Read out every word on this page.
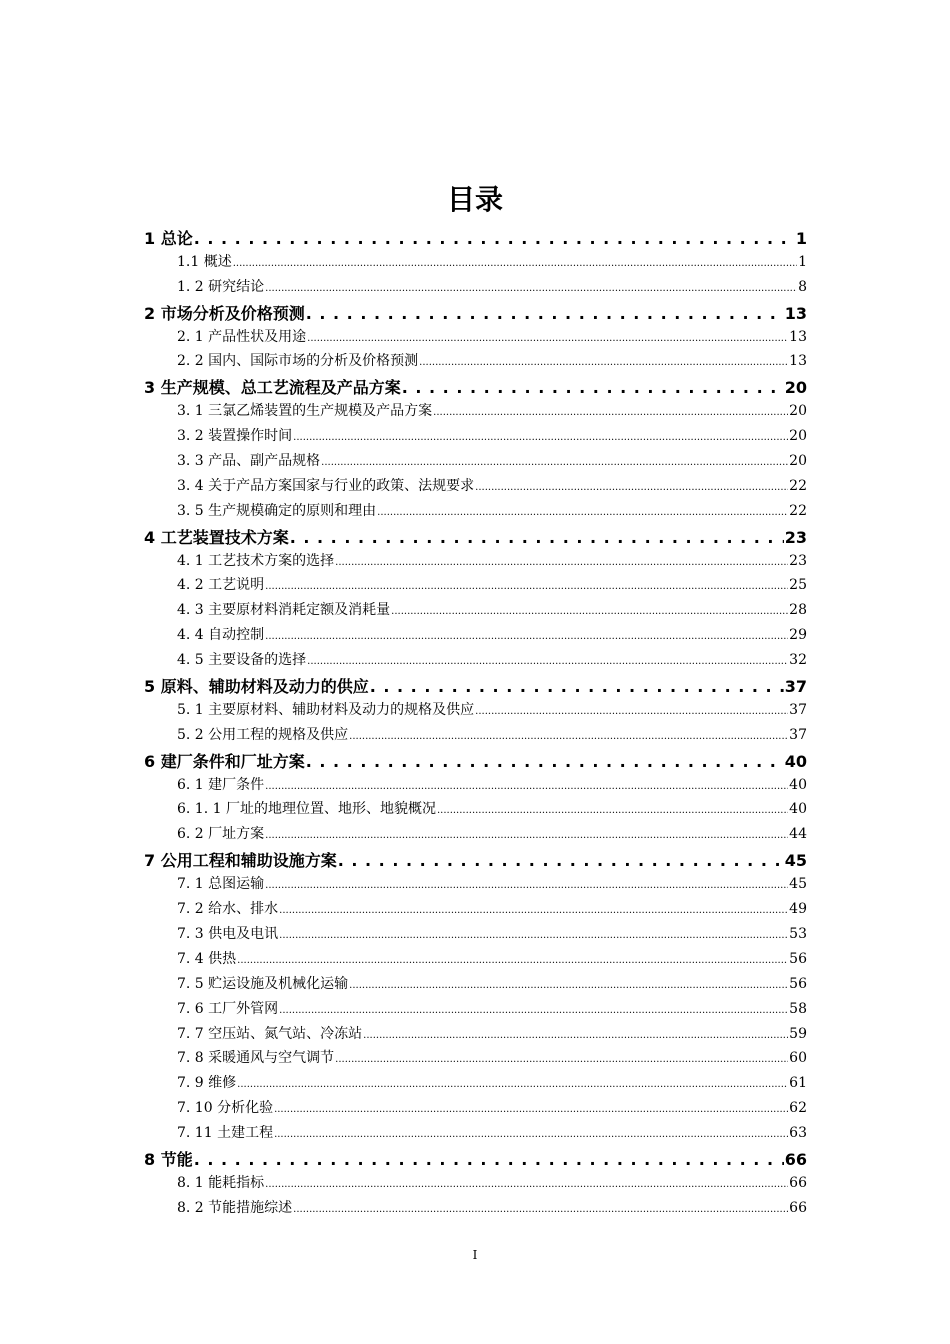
目录
1 总论 . . .	1
1.1 概述 .....	1
1. 2 研究结论 .....	8
2 市场分析及价格预测 . . .	13
2. 1 产品性状及用途 .....	13
2. 2 国内、国际市场的分析及价格预测 .....	13
3 生产规模、总工艺流程及产品方案 . . .	20
3. 1 三氯乙烯装置的生产规模及产品方案 .....	20
3. 2 装置操作时间 .....	20
3. 3 产品、副产品规格 .....	20
3. 4 关于产品方案国家与行业的政策、法规要求 .....	22
3. 5 生产规模确定的原则和理由 .....	22
4 工艺装置技术方案 . . .	23
4. 1 工艺技术方案的选择 .....	23
4. 2 工艺说明 .....	25
4. 3 主要原材料消耗定额及消耗量 .....	28
4. 4 自动控制 .....	29
4. 5 主要设备的选择 .....	32
5 原料、辅助材料及动力的供应 . . .	37
5. 1 主要原材料、辅助材料及动力的规格及供应 .....	37
5. 2 公用工程的规格及供应 .....	37
6 建厂条件和厂址方案 . . .	40
6. 1 建厂条件 .....	40
6. 1. 1 厂址的地理位置、地形、地貌概况 .....	40
6. 2 厂址方案 .....	44
7 公用工程和辅助设施方案 . . .	45
7. 1 总图运输 .....	45
7. 2 给水、排水 .....	49
7. 3 供电及电讯 .....	53
7. 4 供热 .....	56
7. 5 贮运设施及机械化运输 .....	56
7. 6 工厂外管网 .....	58
7. 7 空压站、氮气站、冷冻站 .....	59
7. 8 采暖通风与空气调节 .....	60
7. 9 维修 .....	61
7. 10 分析化验 .....	62
7. 11 土建工程 .....	63
8 节能 . . .	66
8. 1 能耗指标 .....	66
8. 2 节能措施综述 .....	66
I
